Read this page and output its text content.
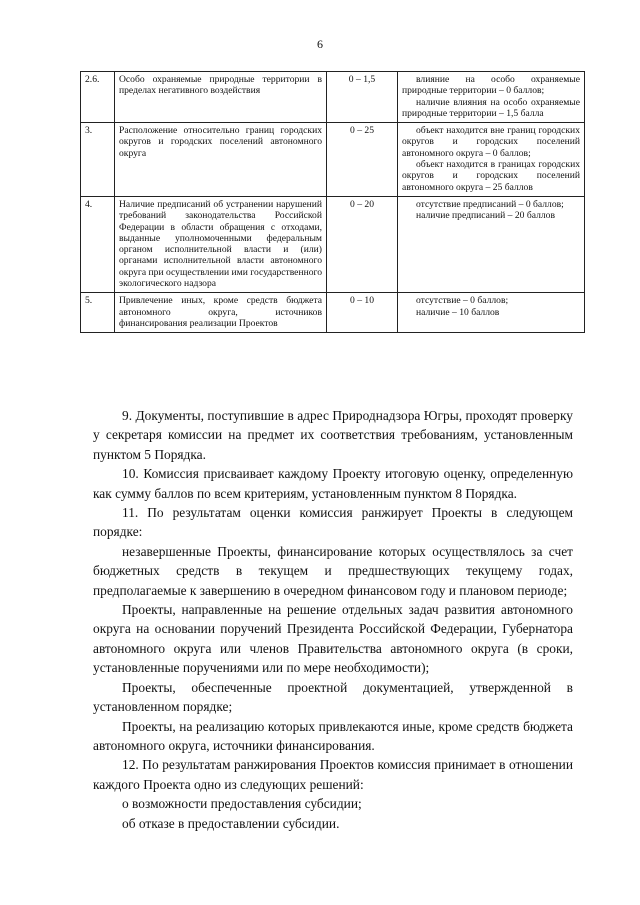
6
2.6.	Особо охраняемые природные территории в пределах негативного воздействия	0 – 1,5	влияние на особо охраняемые природные территории – 0 баллов;
наличие влияния на особо охраняемые природные территории – 1,5 балла

3.	Расположение относительно границ городских округов и городских поселений автономного округа	0 – 25	объект находится вне границ городских округов и городских поселений автономного округа – 0 баллов;
объект находится в границах городских округов и городских поселений автономного округа – 25 баллов

4.	Наличие предписаний об устранении нарушений требований законодательства Российской Федерации в области обращения с отходами, выданные уполномоченными федеральным органом исполнительной власти и (или) органами исполнительной власти автономного округа при осуществлении ими государственного экологического надзора	0 – 20	отсутствие предписаний – 0 баллов;
наличие предписаний – 20 баллов

5.	Привлечение иных, кроме средств бюджета автономного округа, источников финансирования реализации Проектов	0 – 10	отсутствие – 0 баллов;
наличие – 10 баллов

9. Документы, поступившие в адрес Природнадзора Югры, проходят проверку у секретаря комиссии на предмет их соответствия требованиям, установленным пунктом 5 Порядка.

10. Комиссия присваивает каждому Проекту итоговую оценку, определенную как сумму баллов по всем критериям, установленным пунктом 8 Порядка.

11. По результатам оценки комиссия ранжирует Проекты в следующем порядке:

незавершенные Проекты, финансирование которых осуществлялось за счет бюджетных средств в текущем и предшествующих текущему годах, предполагаемые к завершению в очередном финансовом году и плановом периоде;

Проекты, направленные на решение отдельных задач развития автономного округа на основании поручений Президента Российской Федерации, Губернатора автономного округа или членов Правительства автономного округа (в сроки, установленные поручениями или по мере необходимости);

Проекты, обеспеченные проектной документацией, утвержденной в установленном порядке;

Проекты, на реализацию которых привлекаются иные, кроме средств бюджета автономного округа, источники финансирования.

12. По результатам ранжирования Проектов комиссия принимает в отношении каждого Проекта одно из следующих решений:

о возможности предоставления субсидии;

об отказе в предоставлении субсидии.
